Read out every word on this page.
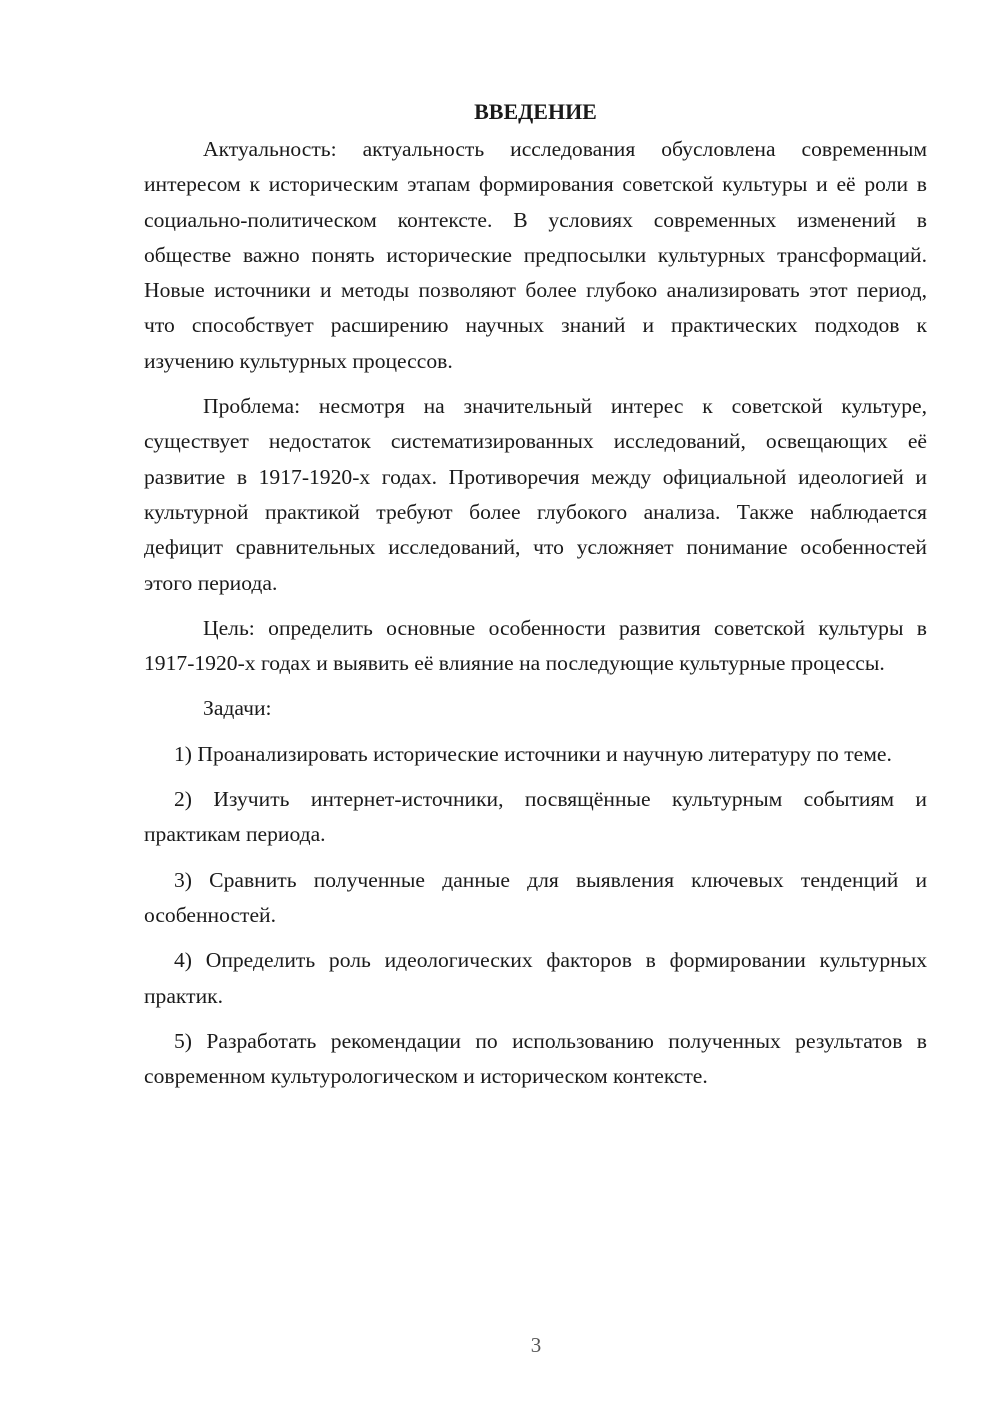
ВВЕДЕНИЕ

Актуальность: актуальность исследования обусловлена современным интересом к историческим этапам формирования советской культуры и её роли в социально-политическом контексте. В условиях современных изменений в обществе важно понять исторические предпосылки культурных трансформаций. Новые источники и методы позволяют более глубоко анализировать этот период, что способствует расширению научных знаний и практических подходов к изучению культурных процессов.

Проблема: несмотря на значительный интерес к советской культуре, существует недостаток систематизированных исследований, освещающих её развитие в 1917-1920-х годах. Противоречия между официальной идеологией и культурной практикой требуют более глубокого анализа. Также наблюдается дефицит сравнительных исследований, что усложняет понимание особенностей этого периода.

Цель: определить основные особенности развития советской культуры в 1917-1920-х годах и выявить её влияние на последующие культурные процессы.

Задачи:

1) Проанализировать исторические источники и научную литературу по теме.

2) Изучить интернет-источники, посвящённые культурным событиям и практикам периода.

3) Сравнить полученные данные для выявления ключевых тенденций и особенностей.

4) Определить роль идеологических факторов в формировании культурных практик.

5) Разработать рекомендации по использованию полученных результатов в современном культурологическом и историческом контексте.

3
